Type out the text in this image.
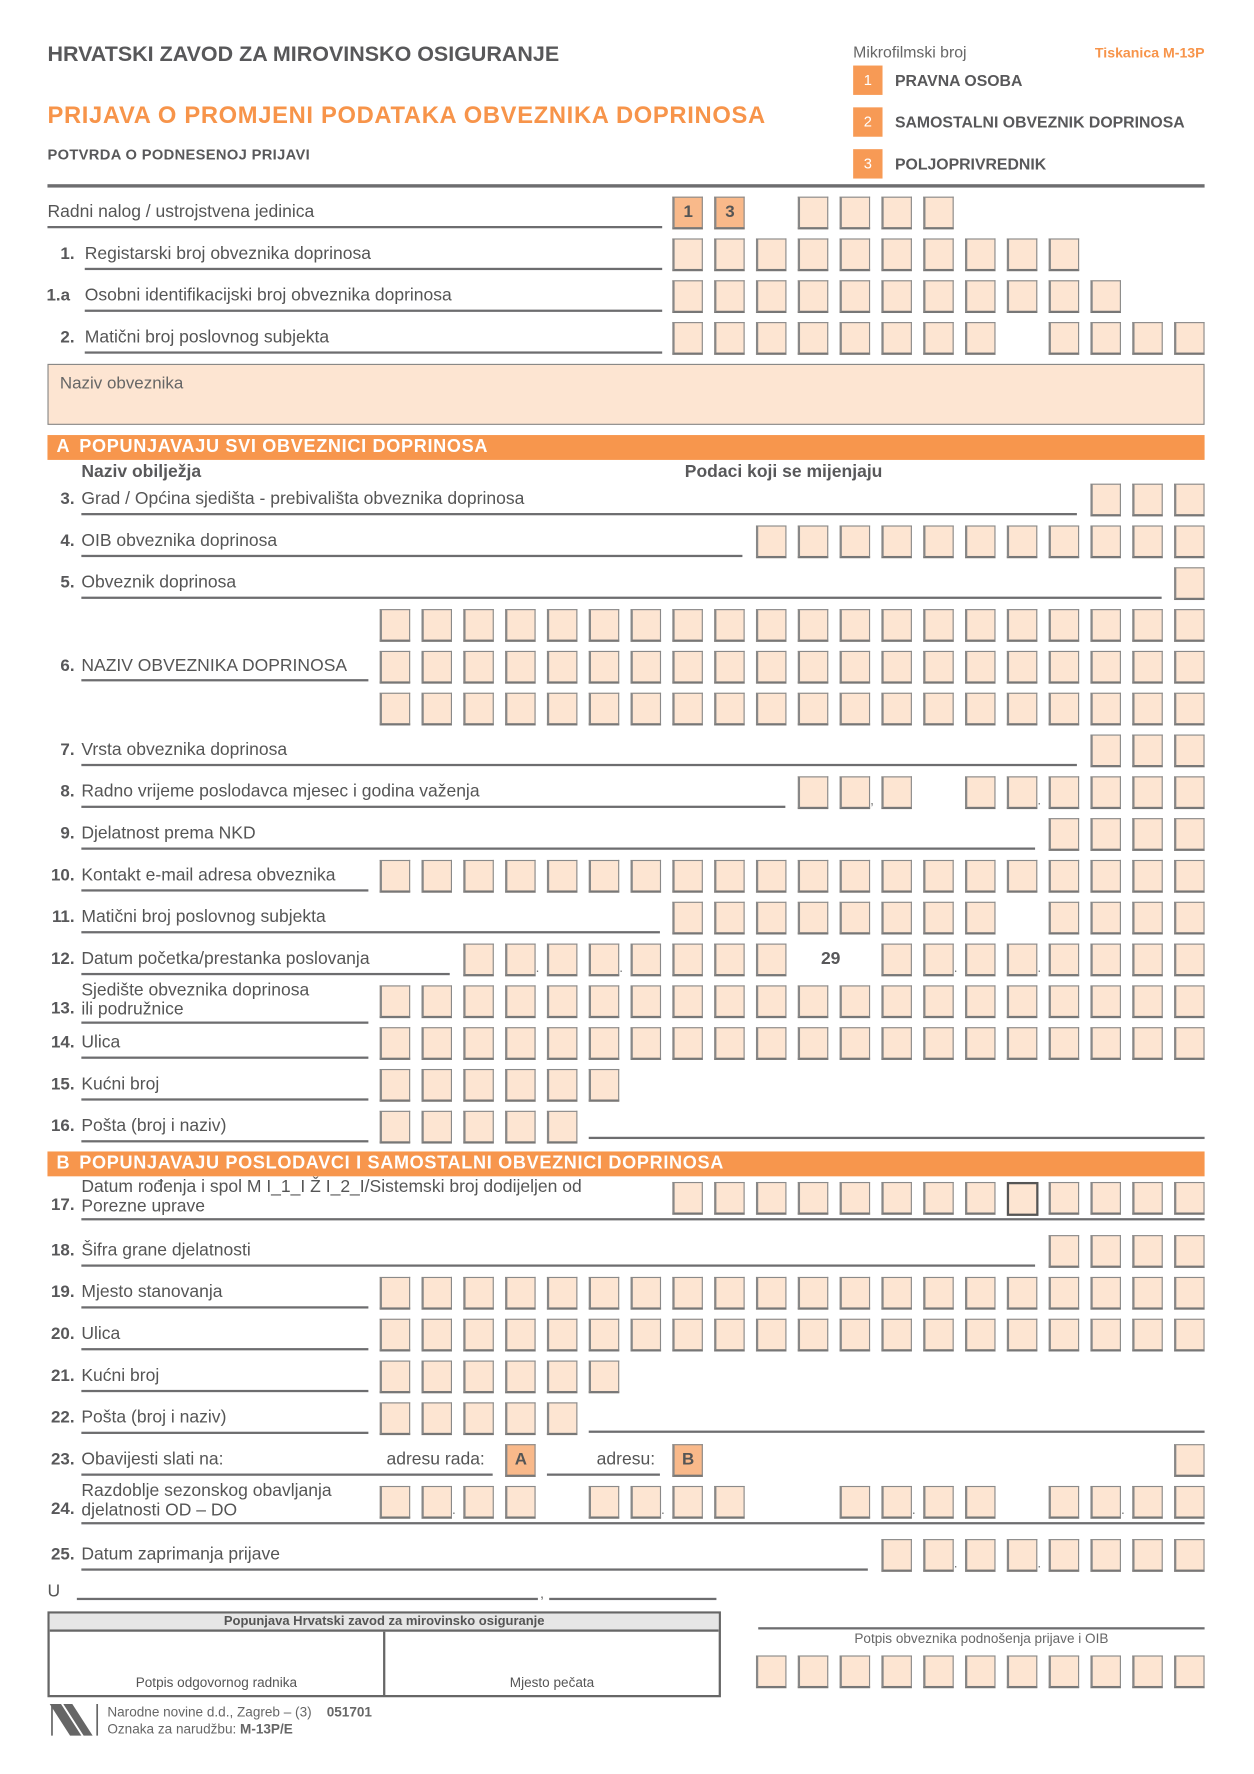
HRVATSKI ZAVOD ZA MIROVINSKO OSIGURANJE
PRIJAVA O PROMJENI PODATAKA OBVEZNIKA DOPRINOSA
POTVRDA O PODNESENOJ PRIJAVI
Mikrofilmski broj	Tiskanica M-13P
1	PRAVNA OSOBA
2	SAMOSTALNI OBVEZNIK DOPRINOSA
3	POLJOPRIVREDNIK
Naziv obveznika
A POPUNJAVAJU SVI OBVEZNICI DOPRINOSA
Naziv obilježja	Podaci koji se mijenjaju
B POPUNJAVAJU POSLODAVCI I SAMOSTALNI OBVEZNICI DOPRINOSA
Radni nalog / ustrojstvena jedinica	1	3
1. Registarski broj obveznika doprinosa
1.a Osobni identifikacijski broj obveznika doprinosa
2. Matični broj poslovnog subjekta
3. Grad / Općina sjedišta - prebivališta obveznika doprinosa
4. OIB obveznika doprinosa
5. Obveznik doprinosa
6. NAZIV OBVEZNIKA DOPRINOSA
7. Vrsta obveznika doprinosa
8. Radno vrijeme poslodavca mjesec i godina važenja	,	.
9. Djelatnost prema NKD
10. Kontakt e-mail adresa obveznika
11. Matični broj poslovnog subjekta
12. Datum početka/prestanka poslovanja	.	.	.	.
29
13.
Sjedište obveznika doprinosa
ili podružnice
14. Ulica
15. Kućni broj
16. Pošta (broj i naziv)
17.
Datum rođenja i spol M I_1_I Ž I_2_I/Sistemski broj dodijeljen od
Porezne uprave
18. Šifra grane djelatnosti
19. Mjesto stanovanja
20. Ulica
21. Kućni broj
22. Pošta (broj i naziv)
23. Obavijesti slati na:	adresu rada:	A	adresu:	B
24.
Razdoblje sezonskog obavljanja
djelatnosti OD – DO	.	.	.	.
25. Datum zaprimanja prijave	.	.
U	,
Popunjava Hrvatski zavod za mirovinsko osiguranje
Potpis odgovornog radnika	Mjesto pečata
Potpis obveznika podnošenja prijave i OIB
Narodne novine d.d., Zagreb – (3) 051701
Oznaka za narudžbu: M-13P/E
